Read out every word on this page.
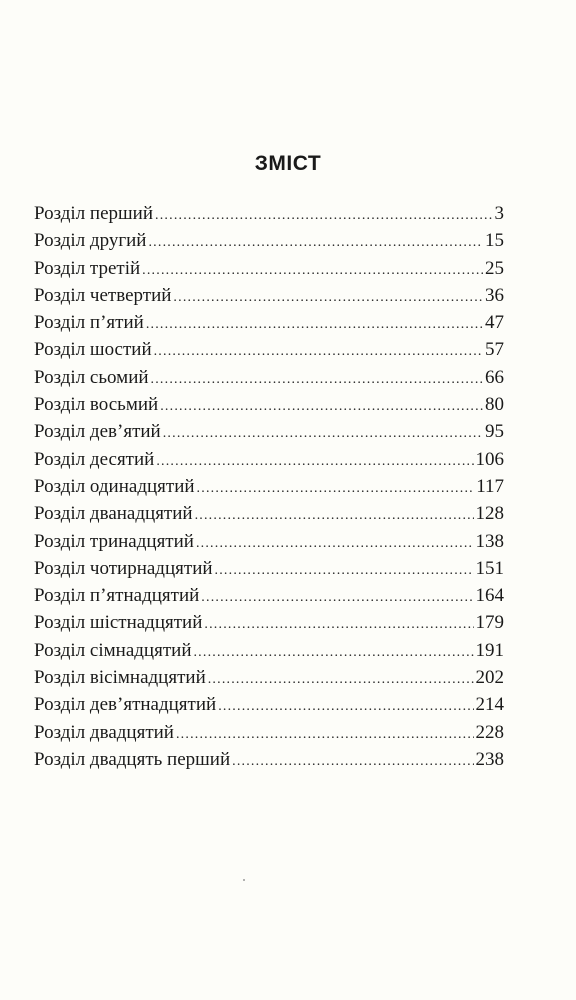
ЗМІСТ
Розділ перший .....	3
Розділ другий .....	15
Розділ третій .....	25
Розділ четвертий .....	36
Розділ п’ятий .....	47
Розділ шостий .....	57
Розділ сьомий .....	66
Розділ восьмий .....	80
Розділ дев’ятий .....	95
Розділ десятий .....	106
Розділ одинадцятий .....	117
Розділ дванадцятий .....	128
Розділ тринадцятий .....	138
Розділ чотирнадцятий .....	151
Розділ п’ятнадцятий .....	164
Розділ шістнадцятий .....	179
Розділ сімнадцятий .....	191
Розділ вісімнадцятий .....	202
Розділ дев’ятнадцятий .....	214
Розділ двадцятий .....	228
Розділ двадцять перший .....	238
